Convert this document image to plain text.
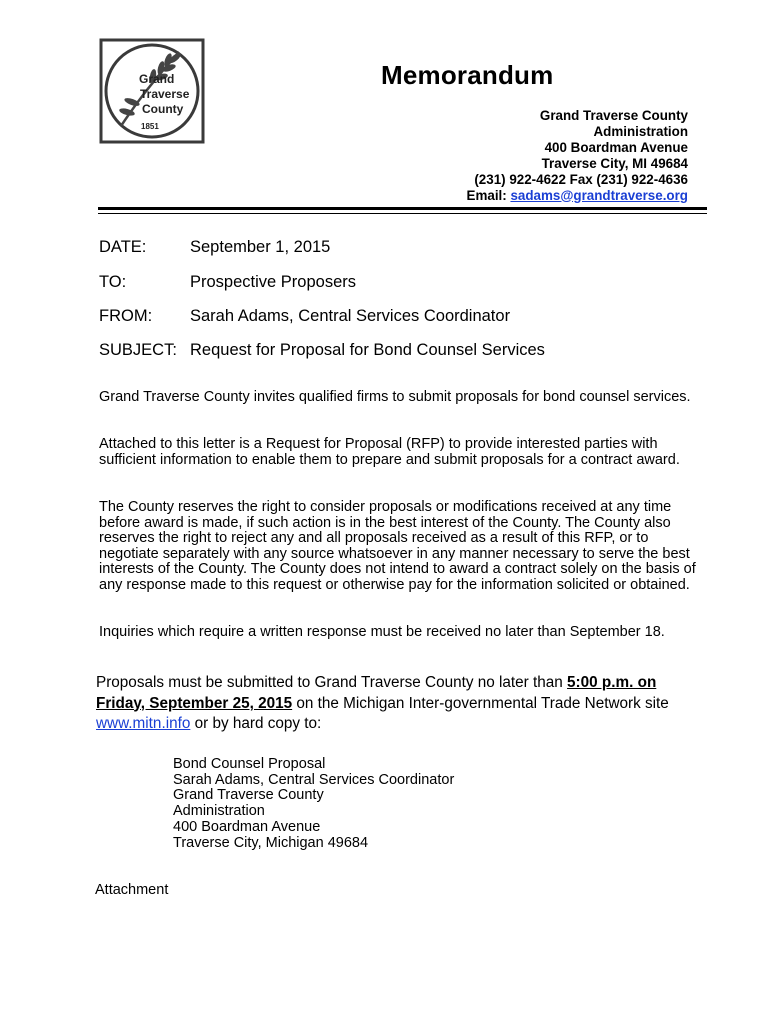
Grand
Traverse
County
1851
Memorandum
Grand Traverse County
Administration
400 Boardman Avenue
Traverse City, MI 49684
(231) 922-4622 Fax (231) 922-4636
Email: sadams@grandtraverse.org
DATE:	September 1, 2015
TO:	Prospective Proposers
FROM: Sarah Adams, Central Services Coordinator
SUBJECT: Request for Proposal for Bond Counsel Services
Grand Traverse County invites qualified firms to submit proposals for bond counsel services.
Attached to this letter is a Request for Proposal (RFP) to provide interested parties with sufficient information to enable them to prepare and submit proposals for a contract award.
The County reserves the right to consider proposals or modifications received at any time before award is made, if such action is in the best interest of the County. The County also reserves the right to reject any and all proposals received as a result of this RFP, or to negotiate separately with any source whatsoever in any manner necessary to serve the best interests of the County. The County does not intend to award a contract solely on the basis of any response made to this request or otherwise pay for the information solicited or obtained.
Inquiries which require a written response must be received no later than September 18.
Proposals must be submitted to Grand Traverse County no later than 5:00 p.m. on Friday, September 25, 2015 on the Michigan Inter-governmental Trade Network site www.mitn.info or by hard copy to:
Bond Counsel Proposal
Sarah Adams, Central Services Coordinator
Grand Traverse County
Administration
400 Boardman Avenue
Traverse City, Michigan 49684
Attachment
